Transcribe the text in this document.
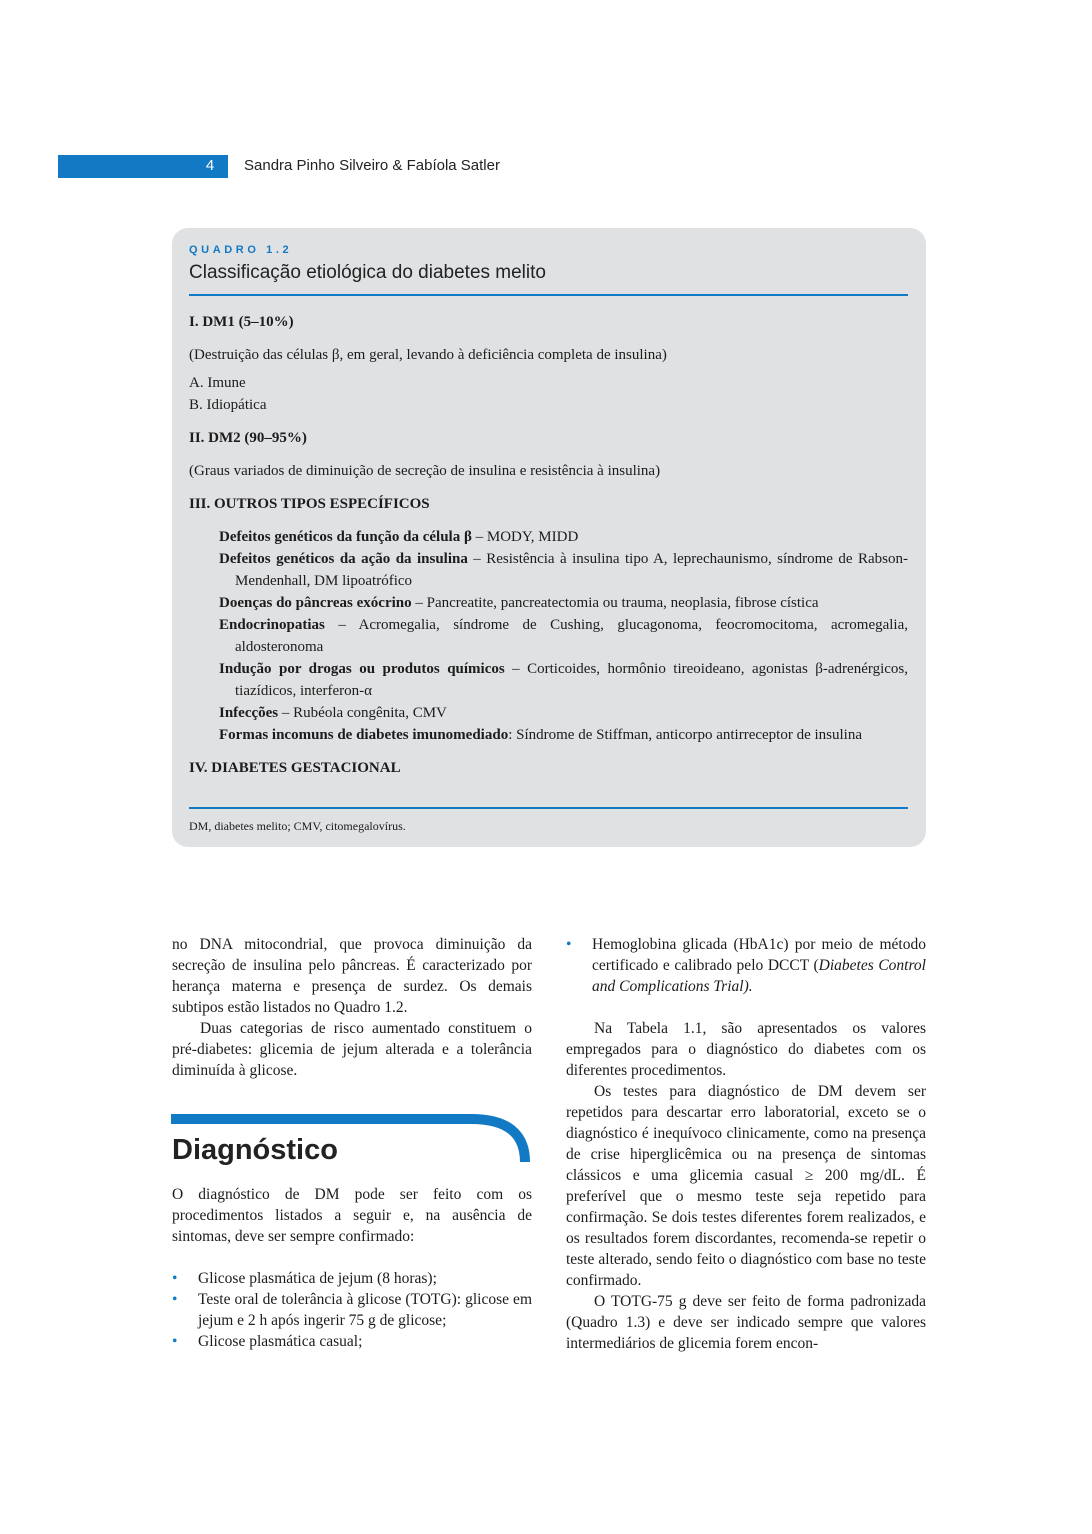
4	Sandra Pinho Silveiro & Fabíola Satler
QUADRO 1.2
Classificação etiológica do diabetes melito

I. DM1 (5–10%)

(Destruição das células β, em geral, levando à deficiência completa de insulina)

A. Imune

B. Idiopática

II. DM2 (90–95%)

(Graus variados de diminuição de secreção de insulina e resistência à insulina)

III. OUTROS TIPOS ESPECÍFICOS

Defeitos genéticos da função da célula β – MODY, MIDD
Defeitos genéticos da ação da insulina – Resistência à insulina tipo A, leprechaunismo, síndrome de Rabson-Mendenhall, DM lipoatrófico
Doenças do pâncreas exócrino – Pancreatite, pancreatectomia ou trauma, neoplasia, fibrose cística
Endocrinopatias – Acromegalia, síndrome de Cushing, glucagonoma, feocromocitoma, acromegalia, aldosteronoma
Indução por drogas ou produtos químicos – Corticoides, hormônio tireoideano, agonistas β-adrenérgicos, tiazídicos, interferon-α
Infecções – Rubéola congênita, CMV
Formas incomuns de diabetes imunomediado: Síndrome de Stiffman, anticorpo antirreceptor de insulina

IV. DIABETES GESTACIONAL

DM, diabetes melito; CMV, citomegalovírus.

no DNA mitocondrial, que provoca diminuição da secreção de insulina pelo pâncreas. É caracterizado por herança materna e presença de surdez. Os demais subtipos estão listados no Quadro 1.2.

Duas categorias de risco aumentado constituem o pré-diabetes: glicemia de jejum alterada e a tolerância diminuída à glicose.

Diagnóstico

O diagnóstico de DM pode ser feito com os procedimentos listados a seguir e, na ausência de sintomas, deve ser sempre confirmado:

• Glicose plasmática de jejum (8 horas);
• Teste oral de tolerância à glicose (TOTG): glicose em jejum e 2 h após ingerir 75 g de glicose;
• Glicose plasmática casual;
• Hemoglobina glicada (HbA1c) por meio de método certificado e calibrado pelo DCCT (Diabetes Control and Complications Trial).

Na Tabela 1.1, são apresentados os valores empregados para o diagnóstico do diabetes com os diferentes procedimentos.

Os testes para diagnóstico de DM devem ser repetidos para descartar erro laboratorial, exceto se o diagnóstico é inequívoco clinicamente, como na presença de crise hiperglicêmica ou na presença de sintomas clássicos e uma glicemia casual ≥ 200 mg/dL. É preferível que o mesmo teste seja repetido para confirmação. Se dois testes diferentes forem realizados, e os resultados forem discordantes, recomenda-se repetir o teste alterado, sendo feito o diagnóstico com base no teste confirmado.

O TOTG-75 g deve ser feito de forma padronizada (Quadro 1.3) e deve ser indicado sempre que valores intermediários de glicemia forem encon-
